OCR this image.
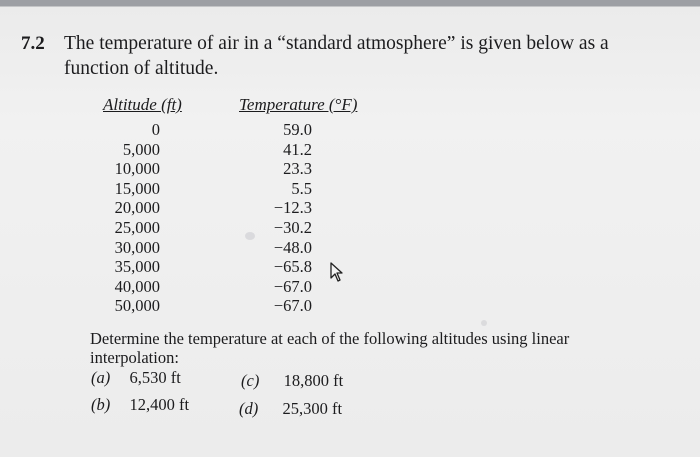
7.2 The temperature of air in a “standard atmosphere” is given below as a
function of altitude.
Altitude (ft)	Temperature (°F)
0
5,000
10,000
15,000
20,000
25,000
30,000
35,000
40,000
50,000
59.0
41.2
23.3
5.5
−12.3
−30.2
−48.0
−65.8
−67.0
−67.0
Determine the temperature at each of the following altitudes using linear
interpolation:
(a) 6,530 ft
(b) 12,400 ft
(c) 18,800 ft
(d) 25,300 ft
